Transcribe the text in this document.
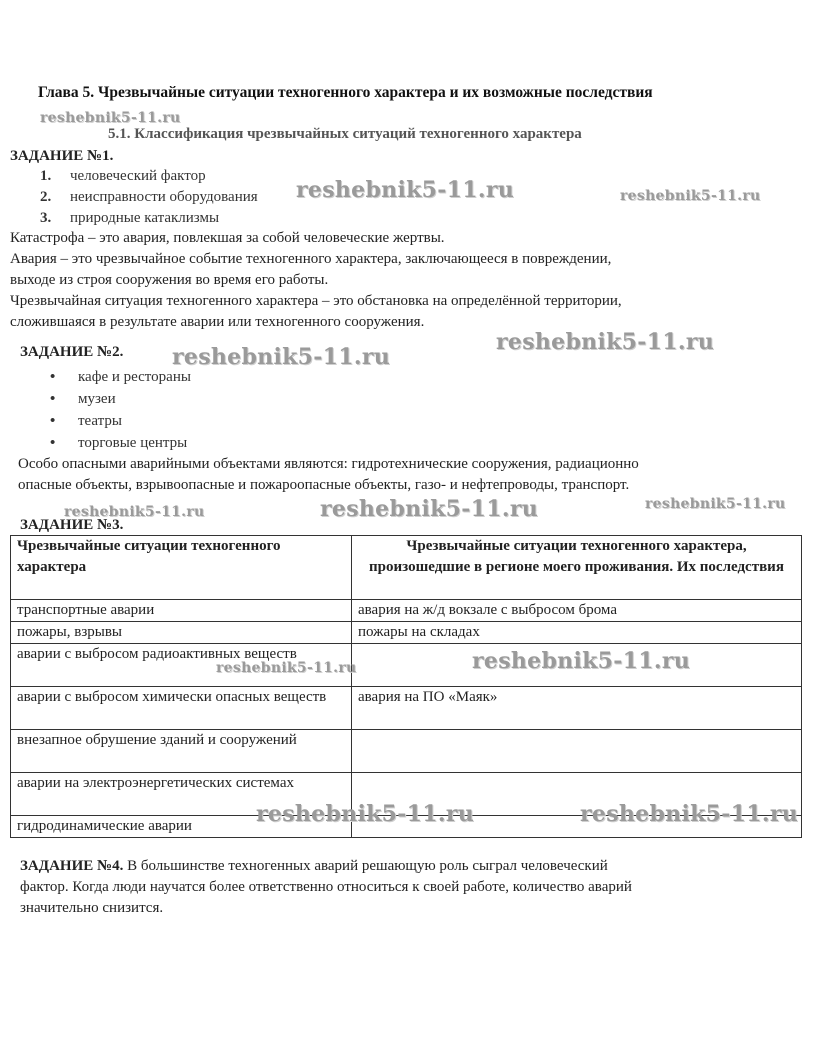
Глава 5. Чрезвычайные ситуации техногенного характера и их возможные последствия
5.1. Классификация чрезвычайных ситуаций техногенного характера
ЗАДАНИЕ №1.
1. человеческий фактор
2. неисправности оборудования
3. природные катаклизмы
Катастрофа – это авария, повлекшая за собой человеческие жертвы.
Авария – это чрезвычайное событие техногенного характера, заключающееся в повреждении,
выходе из строя сооружения во время его работы.
Чрезвычайная ситуация техногенного характера – это обстановка на определённой территории,
сложившаяся в результате аварии или техногенного сооружения.
ЗАДАНИЕ №2.
• кафе и рестораны
• музеи
• театры
• торговые центры
Особо опасными аварийными объектами являются: гидротехнические сооружения, радиационно
опасные объекты, взрывоопасные и пожароопасные объекты, газо- и нефтепроводы, транспорт.
ЗАДАНИЕ №3.
Чрезвычайные ситуации техногенного характера	Чрезвычайные ситуации техногенного характера, произошедшие в регионе моего проживания. Их последствия
транспортные аварии	авария на ж/д вокзале с выбросом брома
пожары, взрывы	пожары на складах
аварии с выбросом радиоактивных веществ	
аварии с выбросом химически опасных веществ	авария на ПО «Маяк»
внезапное обрушение зданий и сооружений	
аварии на электроэнергетических системах	
гидродинамические аварии	
ЗАДАНИЕ №4. В большинстве техногенных аварий решающую роль сыграл человеческий
фактор. Когда люди научатся более ответственно относиться к своей работе, количество аварий
значительно снизится.
reshebnik5-11.ru
reshebnik5-11.ru	reshebnik5-11.ru
reshebnik5-11.ru
reshebnik5-11.ru
reshebnik5-11.ru	reshebnik5-11.ru	reshebnik5-11.ru
reshebnik5-11.ru	reshebnik5-11.ru
reshebnik5-11.ru	reshebnik5-11.ru
